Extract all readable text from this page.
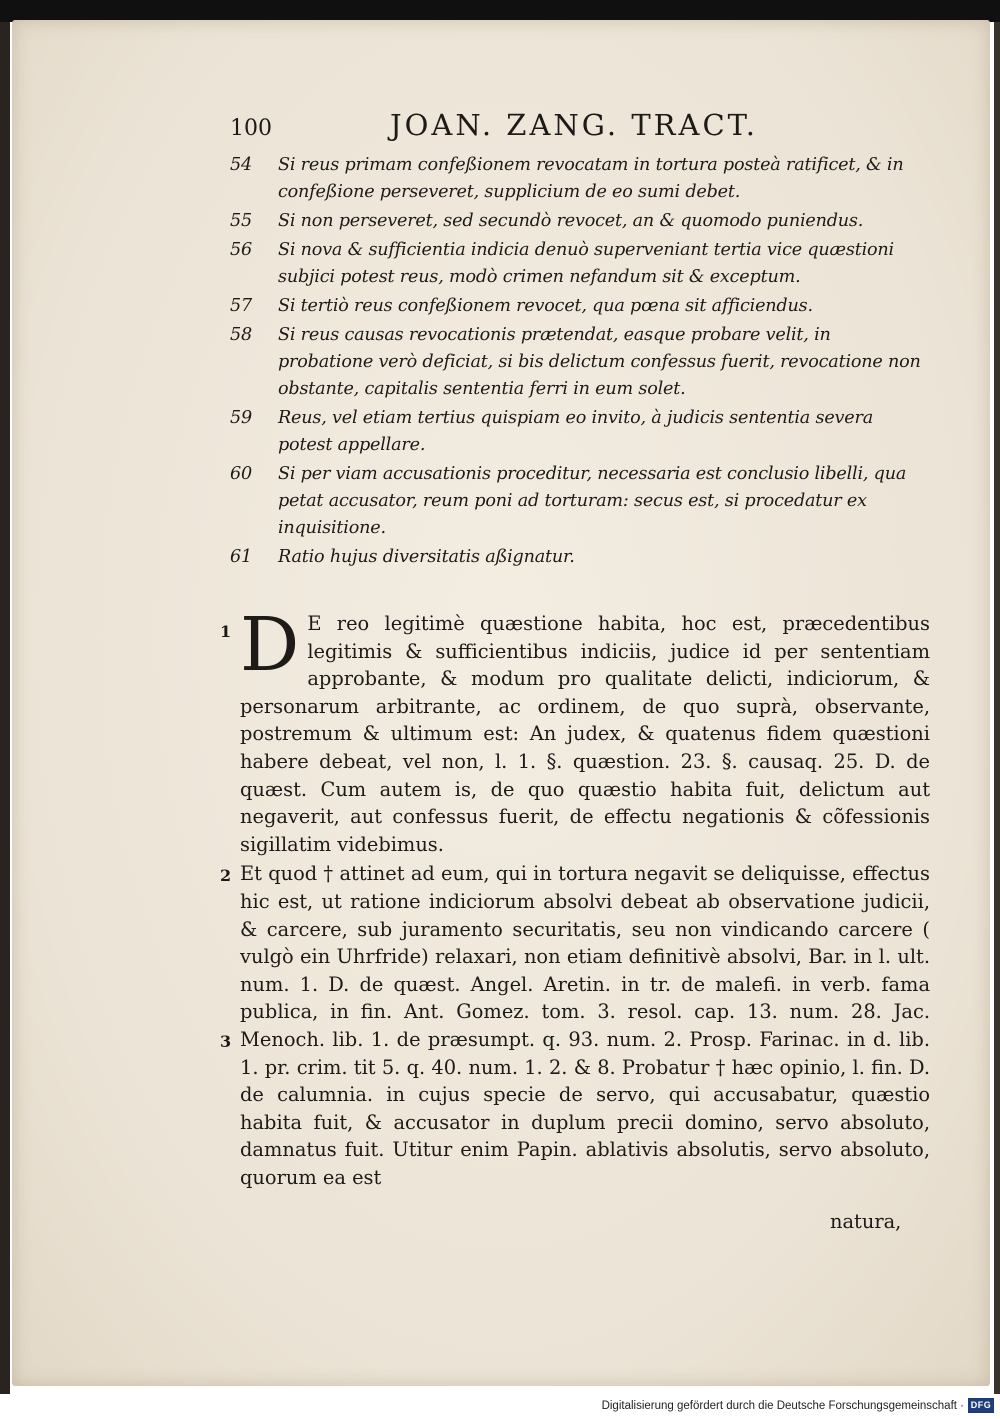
100	JOAN. ZANG. TRACT.
54 Si reus primam confeßionem revocatam in tortura posteà ratificet, & in confeßione perseveret, supplicium de eo sumi debet.
55 Si non perseveret, sed secundò revocet, an & quomodo puniendus.
56 Si nova & sufficientia indicia denuò superveniant tertia vice quæstioni subjici potest reus, modò crimen nefandum sit & exceptum.
57 Si tertiò reus confeßionem revocet, qua pœna sit afficiendus.
58 Si reus causas revocationis prætendat, easque probare velit, in probatione verò deficiat, si bis delictum confessus fuerit, revocatione non obstante, capitalis sententia ferri in eum solet.
59 Reus, vel etiam tertius quispiam eo invito, à judicis sententia severa potest appellare.
60 Si per viam accusationis proceditur, necessaria est conclusio libelli, qua petat accusator, reum poni ad torturam: secus est, si procedatur ex inquisitione.
61 Ratio hujus diversitatis aßignatur.
1 D E reo legitimè quæstione habita, hoc est, præcedentibus legitimis & sufficientibus indiciis, judice id per sententiam approbante, & modum pro qualitate delicti, indiciorum, & personarum arbitrante, ac ordinem, de quo suprà, observante, postremum & ultimum est: An judex, & quatenus fidem quæstioni habere debeat, vel non, l. 1. §. quæstion. 23. §. causaq. 25. D. de quæst. Cum autem is, de quo quæstio habita fuit, delictum aut negaverit, aut confessus fuerit, de effectu negationis & cõfessionis sigillatim videbimus.
2
3
Et quod † attinet ad eum, qui in tortura negavit se deliquisse, effectus hic est, ut ratione indiciorum absolvi debeat ab observatione judicii, & carcere, sub juramento securitatis, seu non vindicando carcere ( vulgò ein Uhrfride) relaxari, non etiam definitivè absolvi, Bar. in l. ult. num. 1. D. de quæst. Angel. Aretin. in tr. de malefi. in verb. fama publica, in fin. Ant. Gomez. tom. 3. resol. cap. 13. num. 28. Jac. Menoch. lib. 1. de præsumpt. q. 93. num. 2. Prosp. Farinac. in d. lib. 1. pr. crim. tit 5. q. 40. num. 1. 2. & 8. Probatur † hæc opinio, l. fin. D. de calumnia. in cujus specie de servo, qui accusabatur, quæstio habita fuit, & accusator in duplum precii domino, servo absoluto, damnatus fuit. Utitur enim Papin. ablativis absolutis, servo absoluto, quorum ea est
natura,
Digitalisierung gefördert durch die Deutsche Forschungsgemeinschaft · DFG
